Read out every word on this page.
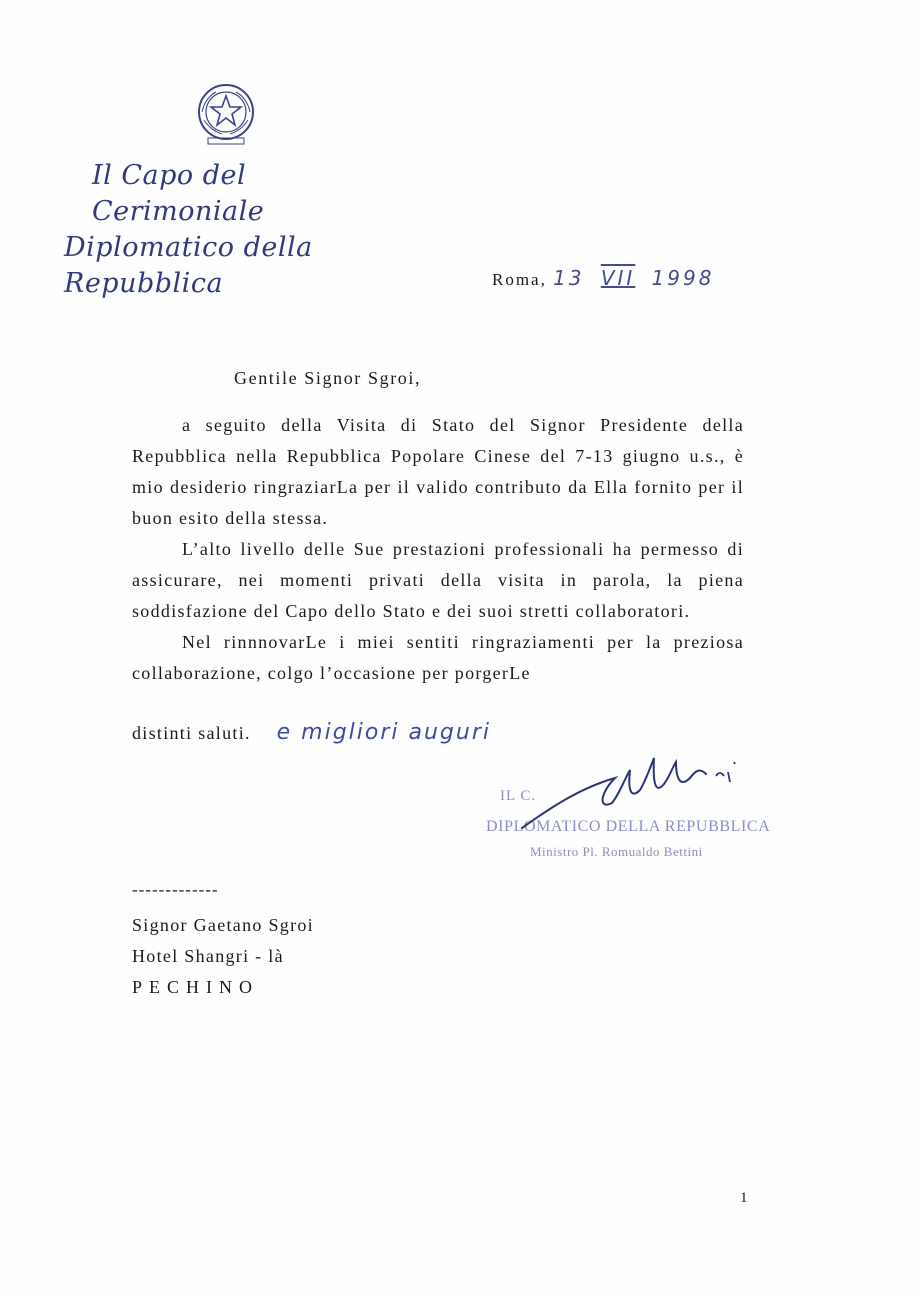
Il Capo del Cerimoniale
Diplomatico della Repubblica	Roma, 13 VII 1998
Gentile Signor Sgroi,

a seguito della Visita di Stato del Signor Presidente della Repubblica nella Repubblica Popolare Cinese del 7-13 giugno u.s., è mio desiderio ringraziarLa per il valido contributo da Ella fornito per il buon esito della stessa.

L’alto livello delle Sue prestazioni professionali ha permesso di assicurare, nei momenti privati della visita in parola, la piena soddisfazione del Capo dello Stato e dei suoi stretti collaboratori.

Nel rinnnovarLe i miei sentiti ringraziamenti per la preziosa collaborazione, colgo l’occasione per porgerLe

distinti saluti. e migliori auguri
IL C.
DIPLOMATICO DELLA REPUBBLICA
Ministro Pl. Romualdo Bettini
-------------
Signor Gaetano Sgroi
Hotel Shangri - là
PECHINO
1
